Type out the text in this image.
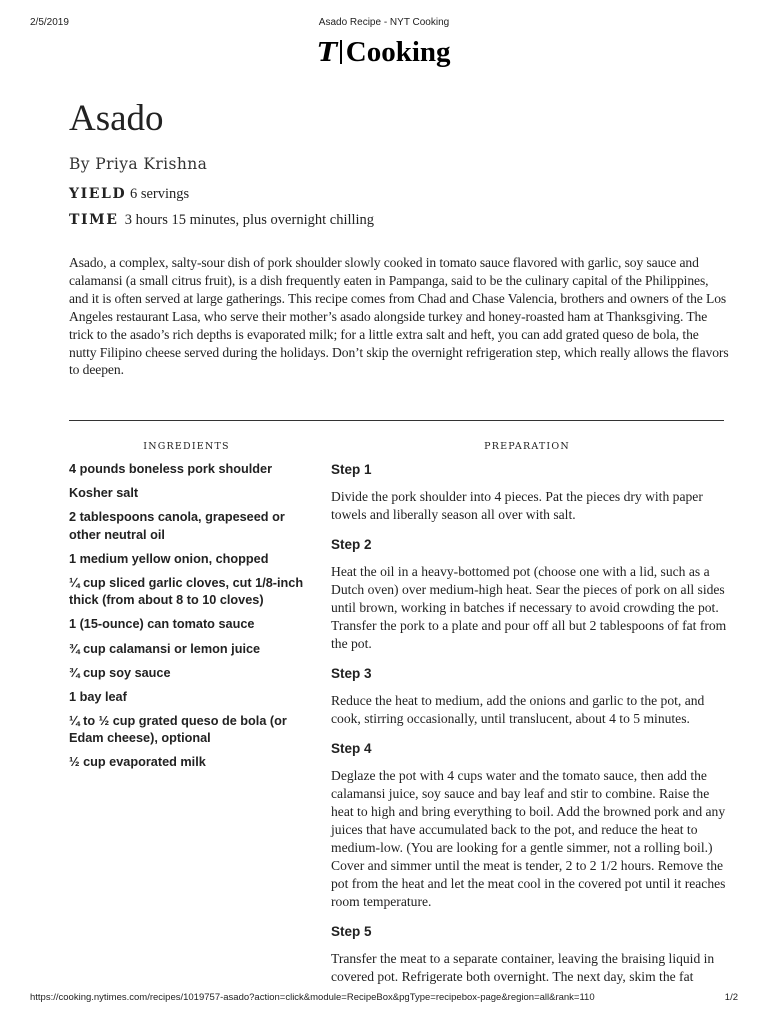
2/5/2019	Asado Recipe - NYT Cooking
T Cooking
Asado
By Priya Krishna
YIELD 6 servings
TIME 3 hours 15 minutes, plus overnight chilling

Asado, a complex, salty-sour dish of pork shoulder slowly cooked in tomato sauce flavored with garlic, soy sauce and calamansi (a small citrus fruit), is a dish frequently eaten in Pampanga, said to be the culinary capital of the Philippines, and it is often served at large gatherings. This recipe comes from Chad and Chase Valencia, brothers and owners of the Los Angeles restaurant Lasa, who serve their mother’s asado alongside turkey and honey-roasted ham at Thanksgiving. The trick to the asado’s rich depths is evaporated milk; for a little extra salt and heft, you can add grated queso de bola, the nutty Filipino cheese served during the holidays. Don’t skip the overnight refrigeration step, which really allows the flavors to deepen.

INGREDIENTS
4 pounds boneless pork shoulder
Kosher salt
2 tablespoons canola, grapeseed or other neutral oil
1 medium yellow onion, chopped
¼ cup sliced garlic cloves, cut 1/8-inch thick (from about 8 to 10 cloves)
1 (15-ounce) can tomato sauce
¾ cup calamansi or lemon juice
¾ cup soy sauce
1 bay leaf
¼ to ½ cup grated queso de bola (or Edam cheese), optional
½ cup evaporated milk
PREPARATION
Step 1

Divide the pork shoulder into 4 pieces. Pat the pieces dry with paper towels and liberally season all over with salt.

Step 2

Heat the oil in a heavy-bottomed pot (choose one with a lid, such as a Dutch oven) over medium-high heat. Sear the pieces of pork on all sides until brown, working in batches if necessary to avoid crowding the pot. Transfer the pork to a plate and pour off all but 2 tablespoons of fat from the pot.

Step 3

Reduce the heat to medium, add the onions and garlic to the pot, and cook, stirring occasionally, until translucent, about 4 to 5 minutes.

Step 4

Deglaze the pot with 4 cups water and the tomato sauce, then add the calamansi juice, soy sauce and bay leaf and stir to combine. Raise the heat to high and bring everything to boil. Add the browned pork and any juices that have accumulated back to the pot, and reduce the heat to medium-low. (You are looking for a gentle simmer, not a rolling boil.) Cover and simmer until the meat is tender, 2 to 2 1/2 hours. Remove the pot from the heat and let the meat cool in the covered pot until it reaches room temperature.

Step 5

Transfer the meat to a separate container, leaving the braising liquid in covered pot. Refrigerate both overnight. The next day, skim the fat

https://cooking.nytimes.com/recipes/1019757-asado?action=click&module=RecipeBox&pgType=recipebox-page&region=all&rank=110	1/2
